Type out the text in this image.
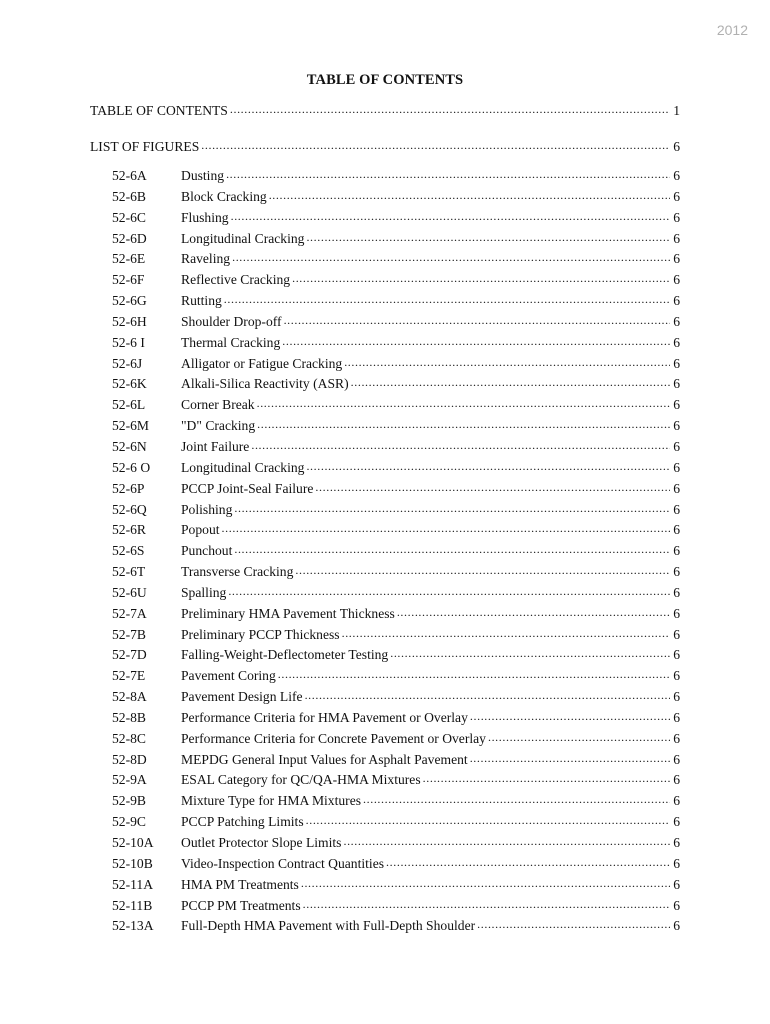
2012
TABLE OF CONTENTS
TABLE OF CONTENTS .....	1
LIST OF FIGURES .....	6
52-6A	Dusting .....	6
52-6B	Block Cracking .....	6
52-6C	Flushing .....	6
52-6D	Longitudinal Cracking .....	6
52-6E	Raveling .....	6
52-6F	Reflective Cracking .....	6
52-6G	Rutting .....	6
52-6H	Shoulder Drop-off .....	6
52-6 I	Thermal Cracking .....	6
52-6J	Alligator or Fatigue Cracking .....	6
52-6K	Alkali-Silica Reactivity (ASR) .....	6
52-6L	Corner Break .....	6
52-6M	"D" Cracking .....	6
52-6N	Joint Failure .....	6
52-6 O	Longitudinal Cracking .....	6
52-6P	PCCP Joint-Seal Failure .....	6
52-6Q	Polishing .....	6
52-6R	Popout .....	6
52-6S	Punchout .....	6
52-6T	Transverse Cracking .....	6
52-6U	Spalling .....	6
52-7A	Preliminary HMA Pavement Thickness .....	6
52-7B	Preliminary PCCP Thickness .....	6
52-7D	Falling-Weight-Deflectometer Testing .....	6
52-7E	Pavement Coring .....	6
52-8A	Pavement Design Life .....	6
52-8B	Performance Criteria for HMA Pavement or Overlay .....	6
52-8C	Performance Criteria for Concrete Pavement or Overlay .....	6
52-8D	MEPDG General Input Values for Asphalt Pavement .....	6
52-9A	ESAL Category for QC/QA-HMA Mixtures .....	6
52-9B	Mixture Type for HMA Mixtures .....	6
52-9C	PCCP Patching Limits .....	6
52-10A	Outlet Protector Slope Limits .....	6
52-10B	Video-Inspection Contract Quantities .....	6
52-11A	HMA PM Treatments .....	6
52-11B	PCCP PM Treatments .....	6
52-13A	Full-Depth HMA Pavement with Full-Depth Shoulder .....	6
